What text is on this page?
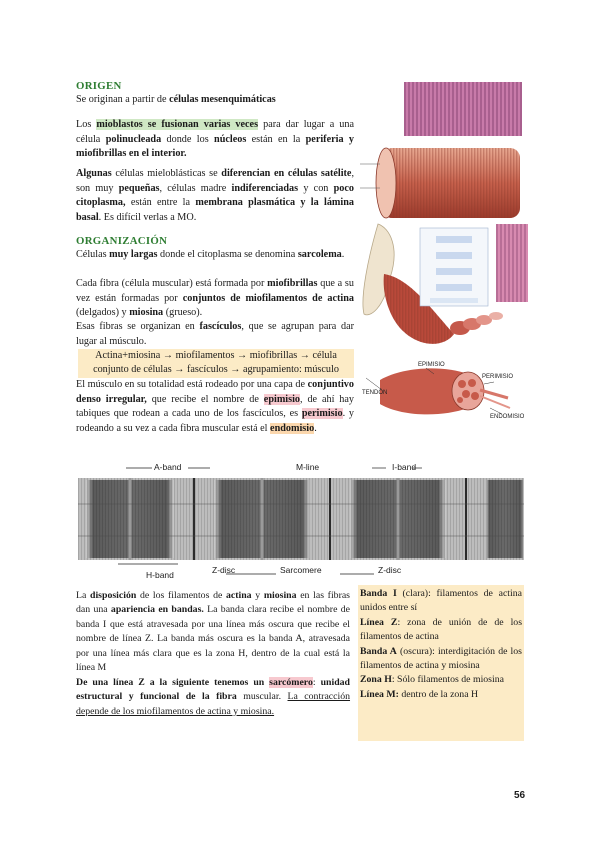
ORIGEN
Se originan a partir de células mesenquimáticas
Los mioblastos se fusionan varias veces para dar lugar a una célula polinucleada donde los núcleos están en la periferia y miofibrillas en el interior.
Algunas células mieloblásticas se diferencian en células satélite, son muy pequeñas, células madre indiferenciadas y con poco citoplasma, están entre la membrana plasmática y la lámina basal. Es difícil verlas a MO.
ORGANIZACIÓN
Células muy largas donde el citoplasma se denomina sarcolema.
Cada fibra (célula muscular) está formada por miofibrillas que a su vez están formadas por conjuntos de miofilamentos de actina (delgados) y miosina (grueso).
Esas fibras se organizan en fascículos, que se agrupan para dar lugar al músculo.
Actina+miosina → miofilamentos → miofibrillas → célula
conjunto de células → fascículos → agrupamiento: músculo
El músculo en su totalidad está rodeado por una capa de conjuntivo denso irregular, que recibe el nombre de epimisio, de ahí hay tabiques que rodean a cada uno de los fascículos, es perimisio. y rodeando a su vez a cada fibra muscular está el endomisio.
EPIMISIO
TENDÓN
PERIMISIO
ENDOMISIO
A-band	M-line	I-band
H-band	Z-disc	Sarcomere	Z-disc
La disposición de los filamentos de actina y miosina en las fibras dan una apariencia en bandas. La banda clara recibe el nombre de banda I que está atravesada por una línea más oscura que recibe el nombre de línea Z. La banda más oscura es la banda A, atravesada por una línea más clara que es la zona H, dentro de la cual está la línea M
De una línea Z a la siguiente tenemos un sarcómero: unidad estructural y funcional de la fibra muscular. La contracción depende de los miofilamentos de actina y miosina.
Banda I (clara): filamentos de actina unidos entre sí
Línea Z: zona de unión de de los filamentos de actina
Banda A (oscura): interdigitación de los filamentos de actina y miosina
Zona H: Sólo filamentos de miosina
Línea M: dentro de la zona H
56
